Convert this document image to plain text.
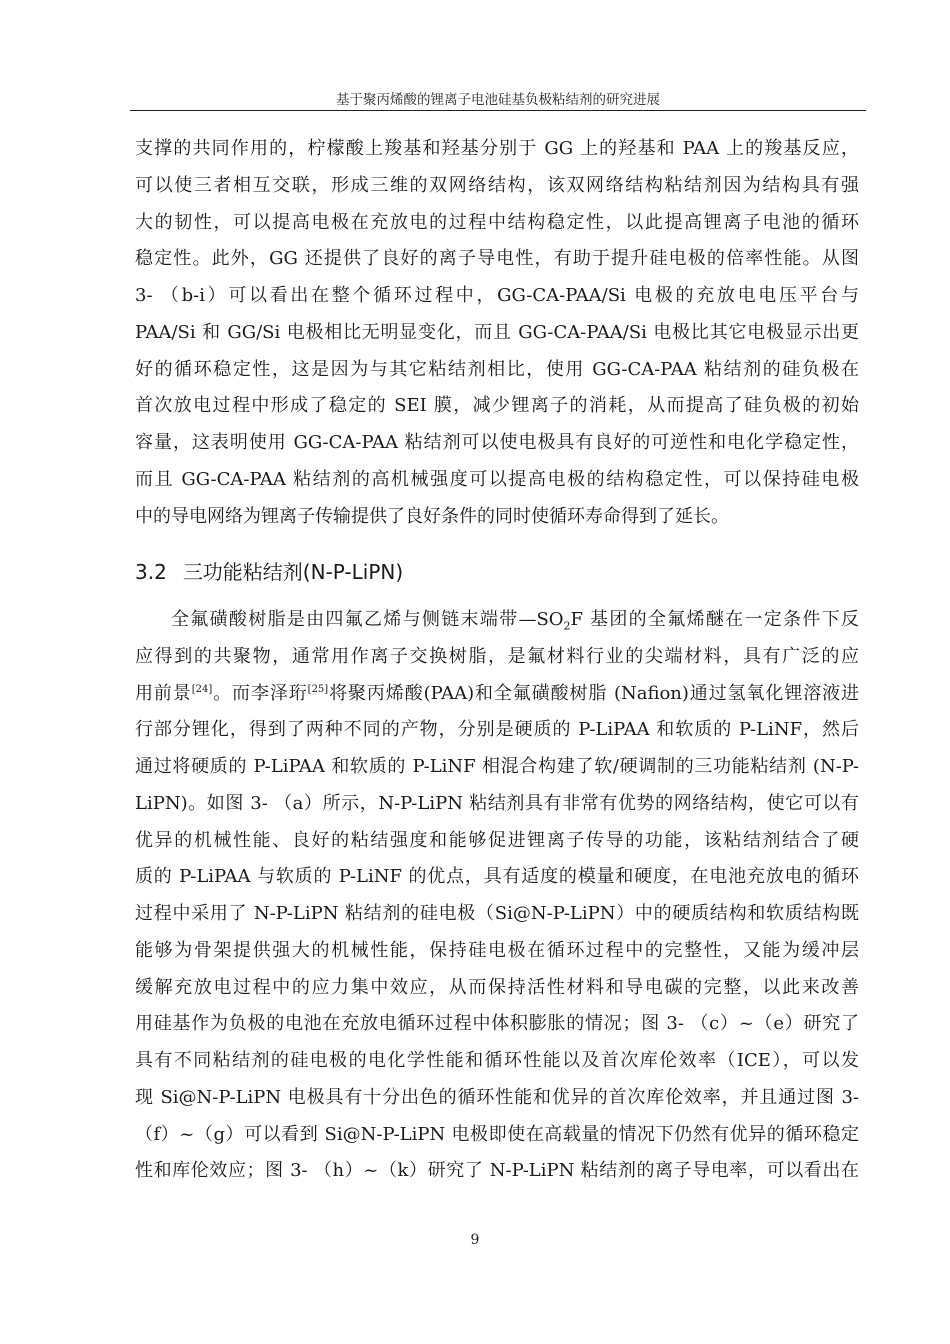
基于聚丙烯酸的锂离子电池硅基负极粘结剂的研究进展
支撑的共同作用的，柠檬酸上羧基和羟基分别于 GG 上的羟基和 PAA 上的羧基反应，
可以使三者相互交联，形成三维的双网络结构，该双网络结构粘结剂因为结构具有强
大的韧性，可以提高电极在充放电的过程中结构稳定性，以此提高锂离子电池的循环
稳定性。此外，GG 还提供了良好的离子导电性，有助于提升硅电极的倍率性能。从图
3- （b-i）可以看出在整个循环过程中，GG-CA-PAA/Si 电极的充放电电压平台与
PAA/Si 和 GG/Si 电极相比无明显变化，而且 GG-CA-PAA/Si 电极比其它电极显示出更
好的循环稳定性，这是因为与其它粘结剂相比，使用 GG-CA-PAA 粘结剂的硅负极在
首次放电过程中形成了稳定的 SEI 膜，减少锂离子的消耗，从而提高了硅负极的初始
容量，这表明使用 GG-CA-PAA 粘结剂可以使电极具有良好的可逆性和电化学稳定性，
而且 GG-CA-PAA 粘结剂的高机械强度可以提高电极的结构稳定性，可以保持硅电极
中的导电网络为锂离子传输提供了良好条件的同时使循环寿命得到了延长。
3.2 三功能粘结剂(N-P-LiPN)
全氟磺酸树脂是由四氟乙烯与侧链末端带$—SO_2F$ 基团的全氟烯醚在一定条件下反
应得到的共聚物，通常用作离子交换树脂，是氟材料行业的尖端材料，具有广泛的应
用前景[24]。而李泽珩[25]将聚丙烯酸(PAA)和全氟磺酸树脂 (Nafion)通过氢氧化锂溶液进
行部分锂化，得到了两种不同的产物，分别是硬质的 P-LiPAA 和软质的 P-LiNF，然后
通过将硬质的 P-LiPAA 和软质的 P-LiNF 相混合构建了软/硬调制的三功能粘结剂 (N-P-
LiPN)。如图 3- （a）所示，N-P-LiPN 粘结剂具有非常有优势的网络结构，使它可以有
优异的机械性能、良好的粘结强度和能够促进锂离子传导的功能，该粘结剂结合了硬
质的 P-LiPAA 与软质的 P-LiNF 的优点，具有适度的模量和硬度，在电池充放电的循环
过程中采用了 N-P-LiPN 粘结剂的硅电极（Si@N-P-LiPN）中的硬质结构和软质结构既
能够为骨架提供强大的机械性能，保持硅电极在循环过程中的完整性，又能为缓冲层
缓解充放电过程中的应力集中效应，从而保持活性材料和导电碳的完整，以此来改善
用硅基作为负极的电池在充放电循环过程中体积膨胀的情况；图 3- （c）~（e）研究了
具有不同粘结剂的硅电极的电化学性能和循环性能以及首次库伦效率（ICE），可以发
现 Si@N-P-LiPN 电极具有十分出色的循环性能和优异的首次库伦效率，并且通过图 3-
（f）~（g）可以看到 Si@N-P-LiPN 电极即使在高载量的情况下仍然有优异的循环稳定
性和库伦效应；图 3- （h）~（k）研究了 N-P-LiPN 粘结剂的离子导电率，可以看出在
9
